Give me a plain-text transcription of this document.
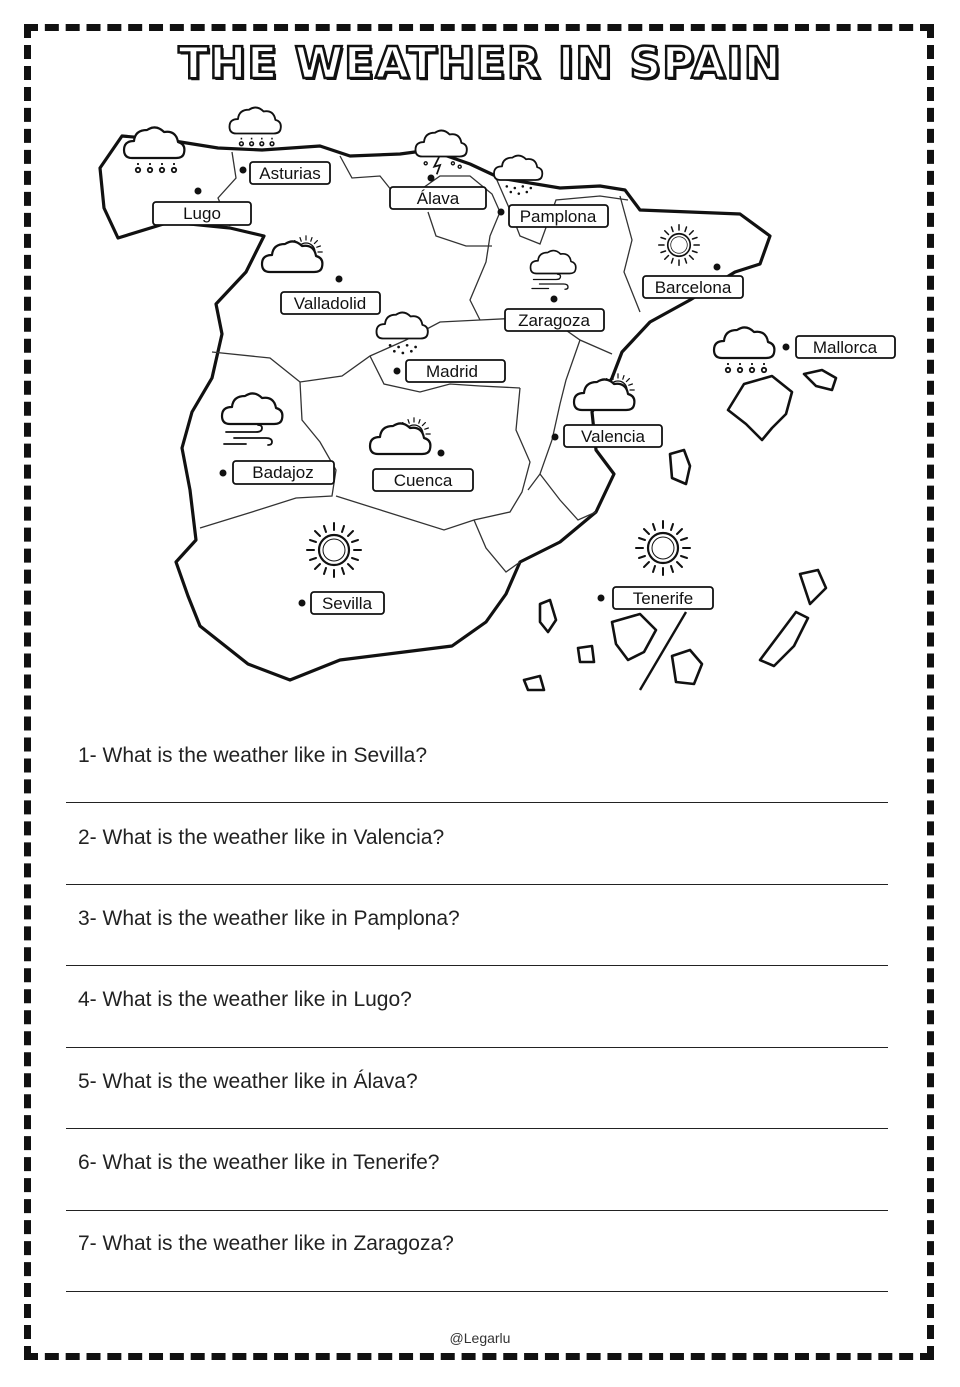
THE WEATHER IN SPAIN
Asturias
Lugo
Álava
Pamplona
Valladolid
Barcelona
Zaragoza
Madrid
Mallorca
Badajoz	Cuenca
Valencia
Sevilla	Tenerife
1- What is the weather like in Sevilla?
2- What is the weather like in Valencia?
3- What is the weather like in Pamplona?
4- What is the weather like in Lugo?
5- What is the weather like in Álava?
6- What is the weather like in Tenerife?
7- What is the weather like in Zaragoza?
@Legarlu
